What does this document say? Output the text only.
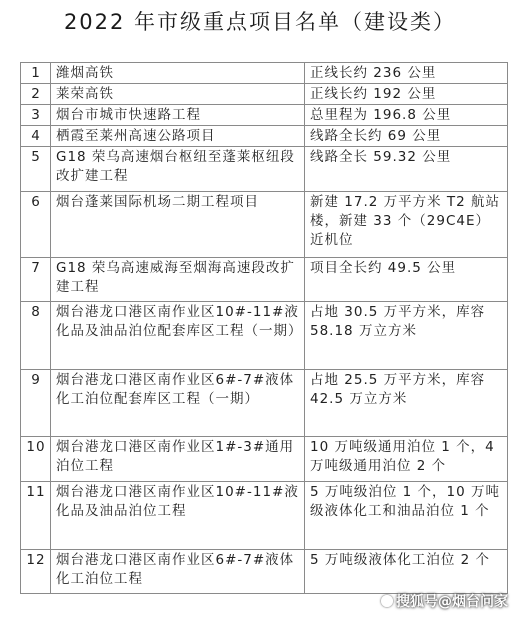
2022 年市级重点项目名单（建设类）
1	潍烟高铁	正线长约 236 公里
2	莱荣高铁	正线长约 192 公里
3	烟台市城市快速路工程	总里程为 196.8 公里
4	栖霞至莱州高速公路项目	线路全长约 69 公里
5	G18 荣乌高速烟台枢纽至蓬莱枢纽段改扩建工程	线路全长 59.32 公里
6	烟台蓬莱国际机场二期工程项目	新建 17.2 万平方米 T2 航站楼，新建 33 个（29C4E）近机位
7	G18 荣乌高速威海至烟海高速段改扩建工程	项目全长约 49.5 公里
8	烟台港龙口港区南作业区10#-11#液化品及油品泊位配套库区工程（一期）	占地 30.5 万平方米，库容58.18 万立方米
9	烟台港龙口港区南作业区6#-7#液体化工泊位配套库区工程（一期）	占地 25.5 万平方米，库容42.5 万立方米
10	烟台港龙口港区南作业区1#-3#通用泊位工程	10 万吨级通用泊位 1 个，4万吨级通用泊位 2 个
11	烟台港龙口港区南作业区10#-11#液化品及油品泊位工程	5 万吨级泊位 1 个，10 万吨级液体化工和油品泊位 1 个
12	烟台港龙口港区南作业区6#-7#液体化工泊位工程	5 万吨级液体化工泊位 2 个
搜狐号@烟台问家
